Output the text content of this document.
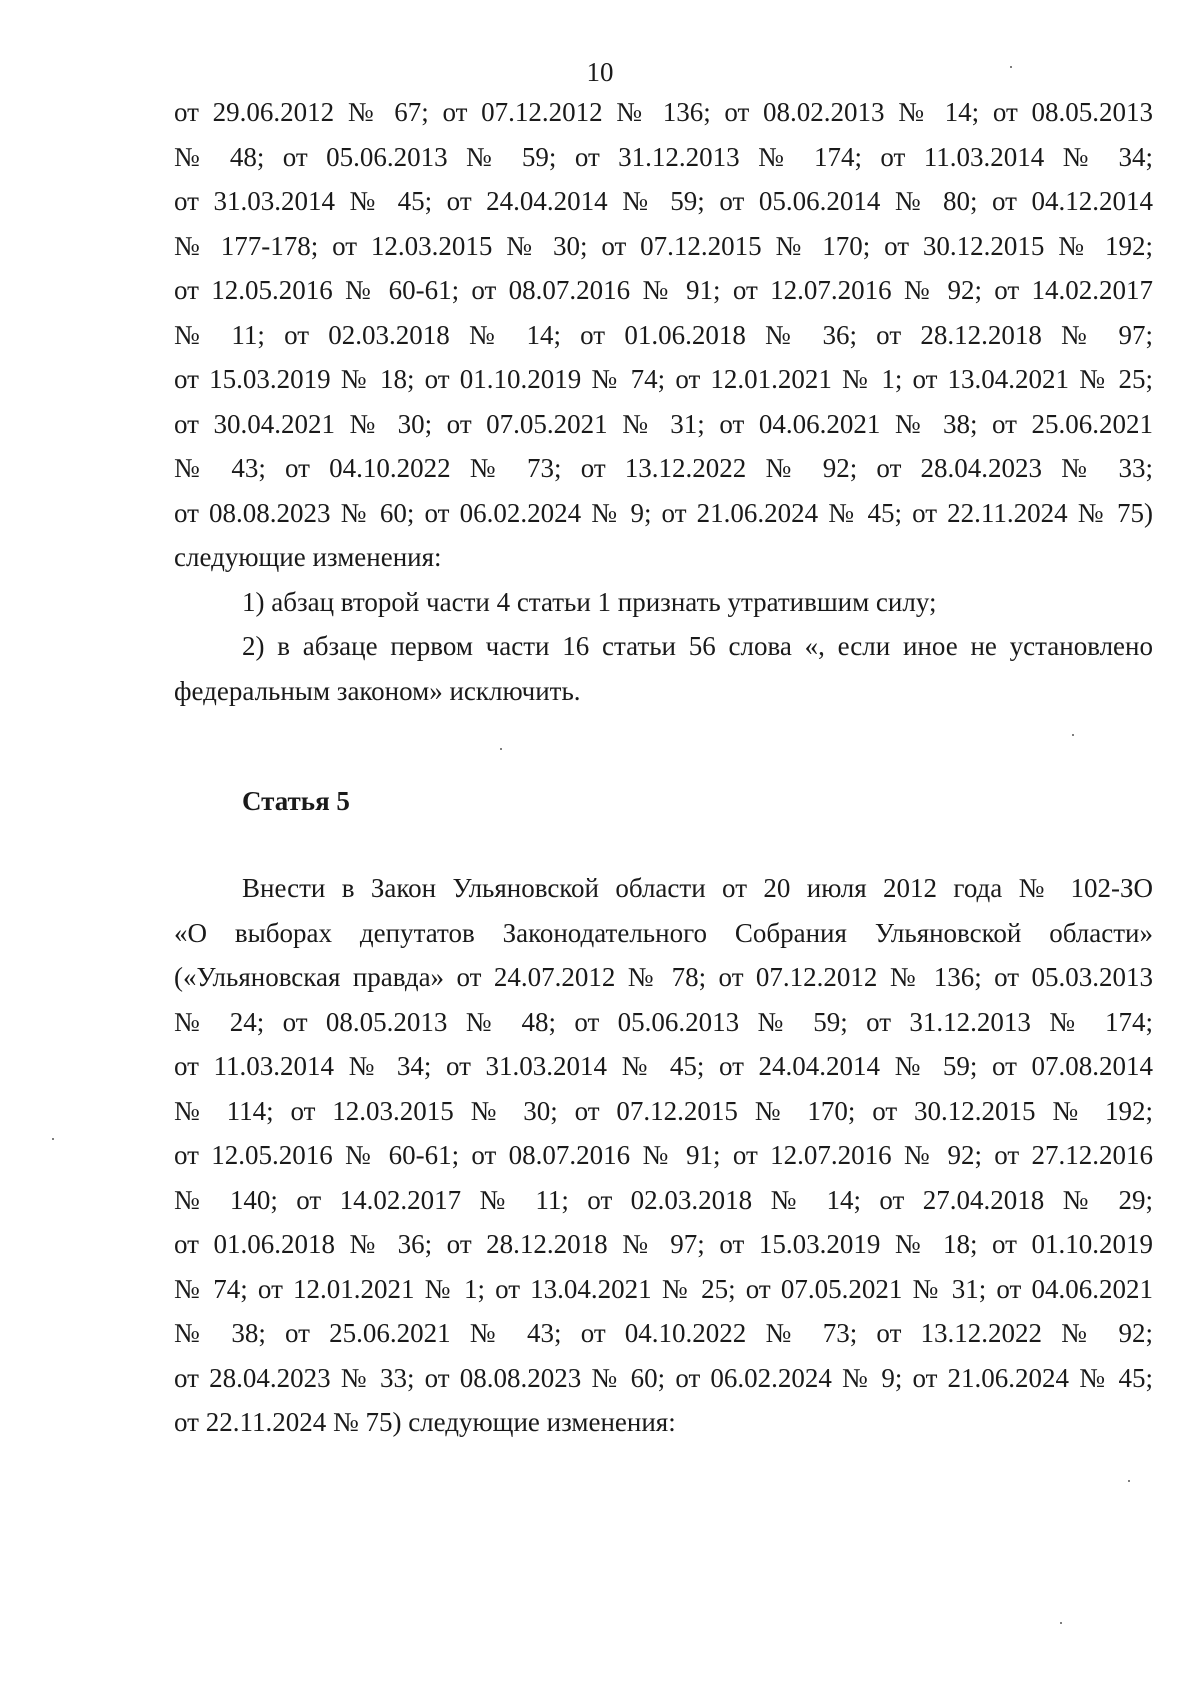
10
от 29.06.2012 № 67; от 07.12.2012 № 136; от 08.02.2013 № 14; от 08.05.2013
№ 48; от 05.06.2013 № 59; от 31.12.2013 № 174; от 11.03.2014 № 34;
от 31.03.2014 № 45; от 24.04.2014 № 59; от 05.06.2014 № 80; от 04.12.2014
№ 177-178; от 12.03.2015 № 30; от 07.12.2015 № 170; от 30.12.2015 № 192;
от 12.05.2016 № 60-61; от 08.07.2016 № 91; от 12.07.2016 № 92; от 14.02.2017
№ 11; от 02.03.2018 № 14; от 01.06.2018 № 36; от 28.12.2018 № 97;
от 15.03.2019 № 18; от 01.10.2019 № 74; от 12.01.2021 № 1; от 13.04.2021 № 25;
от 30.04.2021 № 30; от 07.05.2021 № 31; от 04.06.2021 № 38; от 25.06.2021
№ 43; от 04.10.2022 № 73; от 13.12.2022 № 92; от 28.04.2023 № 33;
от 08.08.2023 № 60; от 06.02.2024 № 9; от 21.06.2024 № 45; от 22.11.2024 № 75)
следующие изменения:
1) абзац второй части 4 статьи 1 признать утратившим силу;
2) в абзаце первом части 16 статьи 56 слова «, если иное не установлено
федеральным законом» исключить.
Статья 5
Внести в Закон Ульяновской области от 20 июля 2012 года № 102-ЗО
«О выборах депутатов Законодательного Собрания Ульяновской области»
(«Ульяновская правда» от 24.07.2012 № 78; от 07.12.2012 № 136; от 05.03.2013
№ 24; от 08.05.2013 № 48; от 05.06.2013 № 59; от 31.12.2013 № 174;
от 11.03.2014 № 34; от 31.03.2014 № 45; от 24.04.2014 № 59; от 07.08.2014
№ 114; от 12.03.2015 № 30; от 07.12.2015 № 170; от 30.12.2015 № 192;
от 12.05.2016 № 60-61; от 08.07.2016 № 91; от 12.07.2016 № 92; от 27.12.2016
№ 140; от 14.02.2017 № 11; от 02.03.2018 № 14; от 27.04.2018 № 29;
от 01.06.2018 № 36; от 28.12.2018 № 97; от 15.03.2019 № 18; от 01.10.2019
№ 74; от 12.01.2021 № 1; от 13.04.2021 № 25; от 07.05.2021 № 31; от 04.06.2021
№ 38; от 25.06.2021 № 43; от 04.10.2022 № 73; от 13.12.2022 № 92;
от 28.04.2023 № 33; от 08.08.2023 № 60; от 06.02.2024 № 9; от 21.06.2024 № 45;
от 22.11.2024 № 75) следующие изменения:
